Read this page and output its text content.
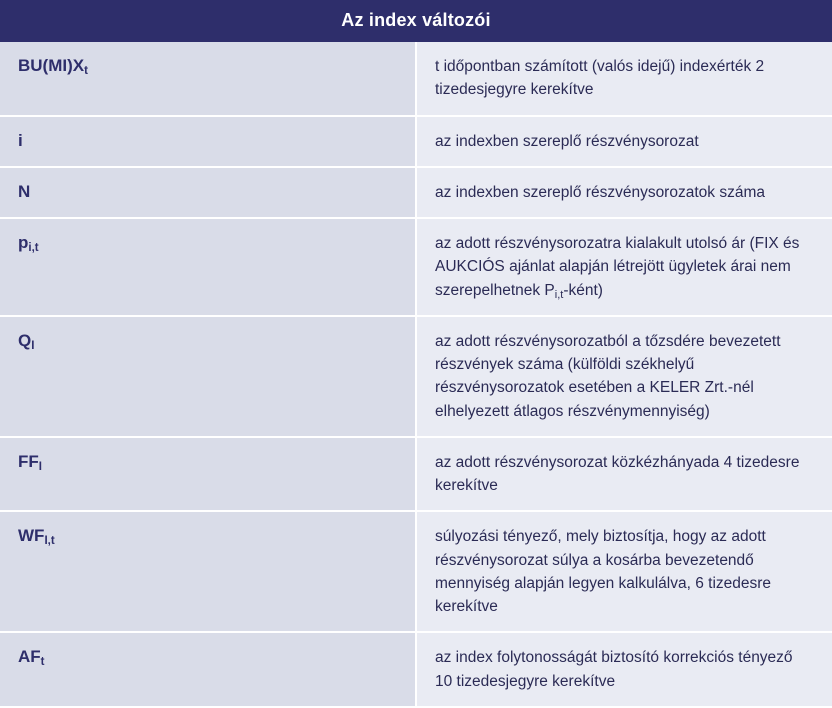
Az index változói	
$BU(MI)X_t$	t időpontban számított (valós idejű) indexérték 2 tizedesjegyre kerekítve
i	az indexben szereplő részvénysorozat
N	az indexben szereplő részvénysorozatok száma
$p_{i,t}$	az adott részvénysorozatra kialakult utolsó ár (FIX és AUKCIÓS ajánlat alapján létrejött ügyletek árai nem szerepelhetnek $P_{i,t}-ként$)
$Q_I$	az adott részvénysorozatból a tőzsdére bevezetett részvények száma (külföldi székhelyű részvénysorozatok esetében a KELER Zrt.-nél elhelyezett átlagos részvénymennyiség)
$FF_I$	az adott részvénysorozat közkézhányada 4 tizedesre kerekítve
$WF_{I,t}$	súlyozási tényező, mely biztosítja, hogy az adott részvénysorozat súlya a kosárba bevezetendő mennyiség alapján legyen kalkulálva, 6 tizedesre kerekítve
$AF_t$	az index folytonosságát biztosító korrekciós tényező 10 tizedesjegyre kerekítve
